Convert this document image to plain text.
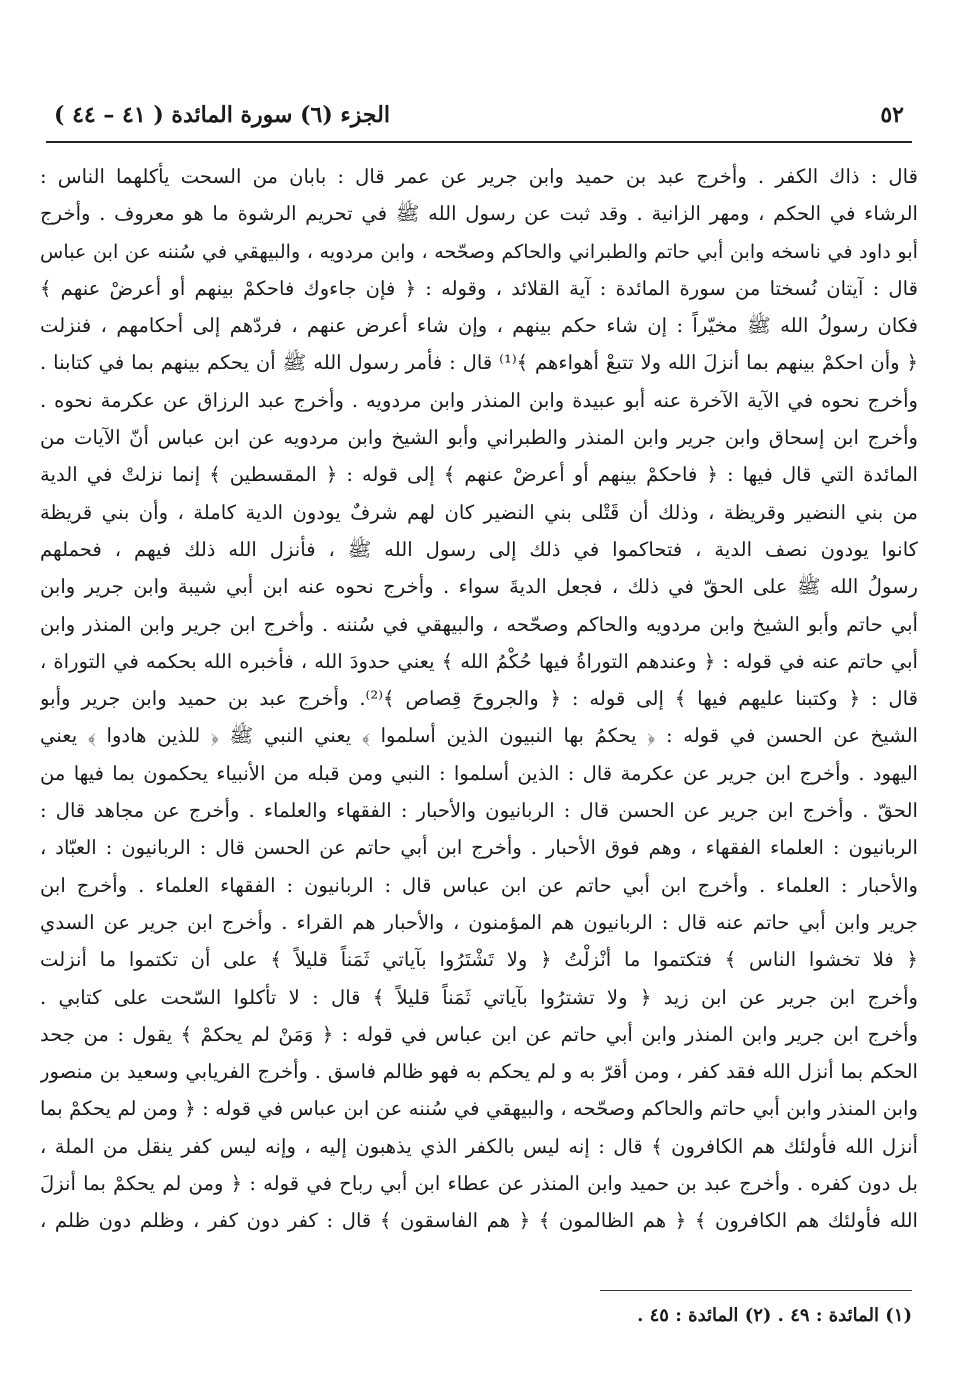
٥٢
الجزء (٦) سورة المائدة ( ٤١ – ٤٤ )
قال : ذاك الكفر . وأخرج عبد بن حميد وابن جرير عن عمر قال : بابان من السحت يأكلهما الناس :
الرشاء في الحكم ، ومهر الزانية . وقد ثبت عن رسول الله ﷺ في تحريم الرشوة ما هو معروف . وأخرج
أبو داود في ناسخه وابن أبي حاتم والطبراني والحاكم وصحّحه ، وابن مردويه ، والبيهقي في سُننه عن ابن عباس
قال : آيتان نُسختا من سورة المائدة : آية القلائد ، وقوله : ﴿ فإن جاءوك فاحكمْ بينهم أو أعرضْ عنهم ﴾
فكان رسولُ الله ﷺ مخيّراً : إن شاء حكم بينهم ، وإن شاء أعرض عنهم ، فردّهم إلى أحكامهم ، فنزلت
﴿ وأن احكمْ بينهم بما أنزلَ الله ولا تتبعْ أهواءهم ﴾⁽¹⁾ قال : فأمر رسول الله ﷺ أن يحكم بينهم بما في كتابنا .
وأخرج نحوه في الآية الآخرة عنه أبو عبيدة وابن المنذر وابن مردويه . وأخرج عبد الرزاق عن عكرمة نحوه .
وأخرج ابن إسحاق وابن جرير وابن المنذر والطبراني وأبو الشيخ وابن مردويه عن ابن عباس أنّ الآيات من
المائدة التي قال فيها : ﴿ فاحكمْ بينهم أو أعرضْ عنهم ﴾ إلى قوله : ﴿ المقسطين ﴾ إنما نزلتْ في الدية
من بني النضير وقريظة ، وذلك أن قَتْلى بني النضير كان لهم شرفٌ يودون الدية كاملة ، وأن بني قريظة
كانوا يودون نصف الدية ، فتحاكموا في ذلك إلى رسول الله ﷺ ، فأنزل الله ذلك فيهم ، فحملهم
رسولُ الله ﷺ على الحقّ في ذلك ، فجعل الديةَ سواء . وأخرج نحوه عنه ابن أبي شيبة وابن جرير وابن
أبي حاتم وأبو الشيخ وابن مردويه والحاكم وصحّحه ، والبيهقي في سُننه . وأخرج ابن جرير وابن المنذر وابن
أبي حاتم عنه في قوله : ﴿ وعندهم التوراةُ فيها حُكْمُ الله ﴾ يعني حدودَ الله ، فأخبره الله بحكمه في التوراة ،
قال : ﴿ وكتبنا عليهم فيها ﴾ إلى قوله : ﴿ والجروحَ قِصاص ﴾⁽²⁾. وأخرج عبد بن حميد وابن جرير وأبو
الشيخ عن الحسن في قوله : ﴿ يحكمُ بها النبيون الذين أسلموا ﴾ يعني النبي ﷺ ﴿ للذين هادوا ﴾ يعني
اليهود . وأخرج ابن جرير عن عكرمة قال : الذين أسلموا : النبي ومن قبله من الأنبياء يحكمون بما فيها من
الحقّ . وأخرج ابن جرير عن الحسن قال : الربانيون والأحبار : الفقهاء والعلماء . وأخرج عن مجاهد قال :
الربانيون : العلماء الفقهاء ، وهم فوق الأحبار . وأخرج ابن أبي حاتم عن الحسن قال : الربانيون : العبّاد ،
والأحبار : العلماء . وأخرج ابن أبي حاتم عن ابن عباس قال : الربانيون : الفقهاء العلماء . وأخرج ابن
جرير وابن أبي حاتم عنه قال : الربانيون هم المؤمنون ، والأحبار هم القراء . وأخرج ابن جرير عن السدي
﴿ فلا تخشوا الناس ﴾ فتكتموا ما أنْزلْتُ ﴿ ولا تَشْتَرُوا بآياتي ثَمَناً قليلاً ﴾ على أن تكتموا ما أنزلت
وأخرج ابن جرير عن ابن زيد ﴿ ولا تشترُوا بآياتي ثَمَناً قليلاً ﴾ قال : لا تأكلوا السّحت على كتابي .
وأخرج ابن جرير وابن المنذر وابن أبي حاتم عن ابن عباس في قوله : ﴿ وَمَنْ لم يحكمْ ﴾ يقول : من جحد
الحكم بما أنزل الله فقد كفر ، ومن أقرّ به و لم يحكم به فهو ظالم فاسق . وأخرج الفريابي وسعيد بن منصور
وابن المنذر وابن أبي حاتم والحاكم وصحّحه ، والبيهقي في سُننه عن ابن عباس في قوله : ﴿ ومن لم يحكمْ بما
أنزل الله فأولئك هم الكافرون ﴾ قال : إنه ليس بالكفر الذي يذهبون إليه ، وإنه ليس كفر ينقل من الملة ،
بل دون كفره . وأخرج عبد بن حميد وابن المنذر عن عطاء ابن أبي رباح في قوله : ﴿ ومن لم يحكمْ بما أنزلَ
الله فأولئك هم الكافرون ﴾ ﴿ هم الظالمون ﴾ ﴿ هم الفاسقون ﴾ قال : كفر دون كفر ، وظلم دون ظلم ،
(١) المائدة : ٤٩ . (٢) المائدة : ٤٥ .
